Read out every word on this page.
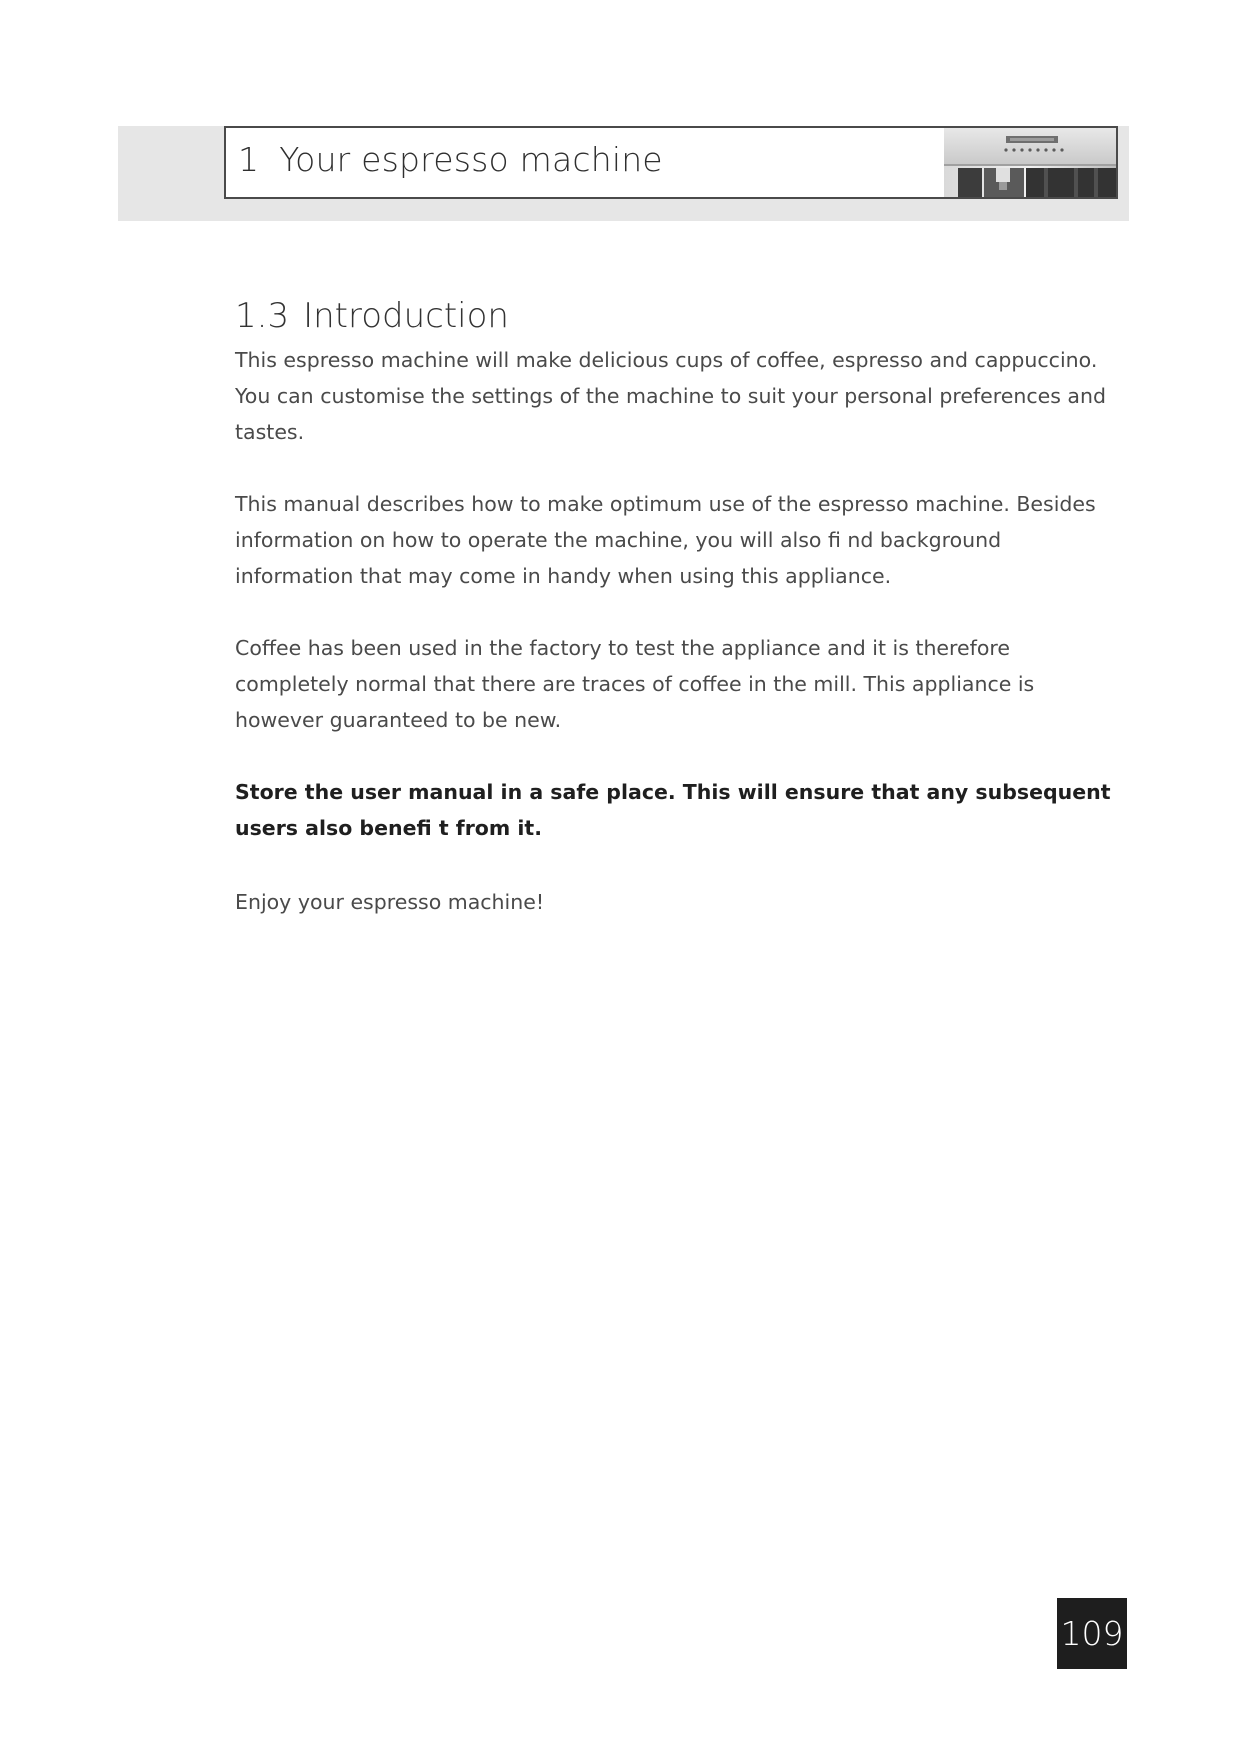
1 Your espresso machine
1.3 Introduction

This espresso machine will make delicious cups of coffee, espresso and cappuccino. You can customise the settings of the machine to suit your personal preferences and tastes.

This manual describes how to make optimum use of the espresso machine. Besides information on how to operate the machine, you will also fi nd background information that may come in handy when using this appliance.

Coffee has been used in the factory to test the appliance and it is therefore completely normal that there are traces of coffee in the mill. This appliance is however guaranteed to be new.

Store the user manual in a safe place. This will ensure that any subsequent users also benefi t from it.

Enjoy your espresso machine!

109
